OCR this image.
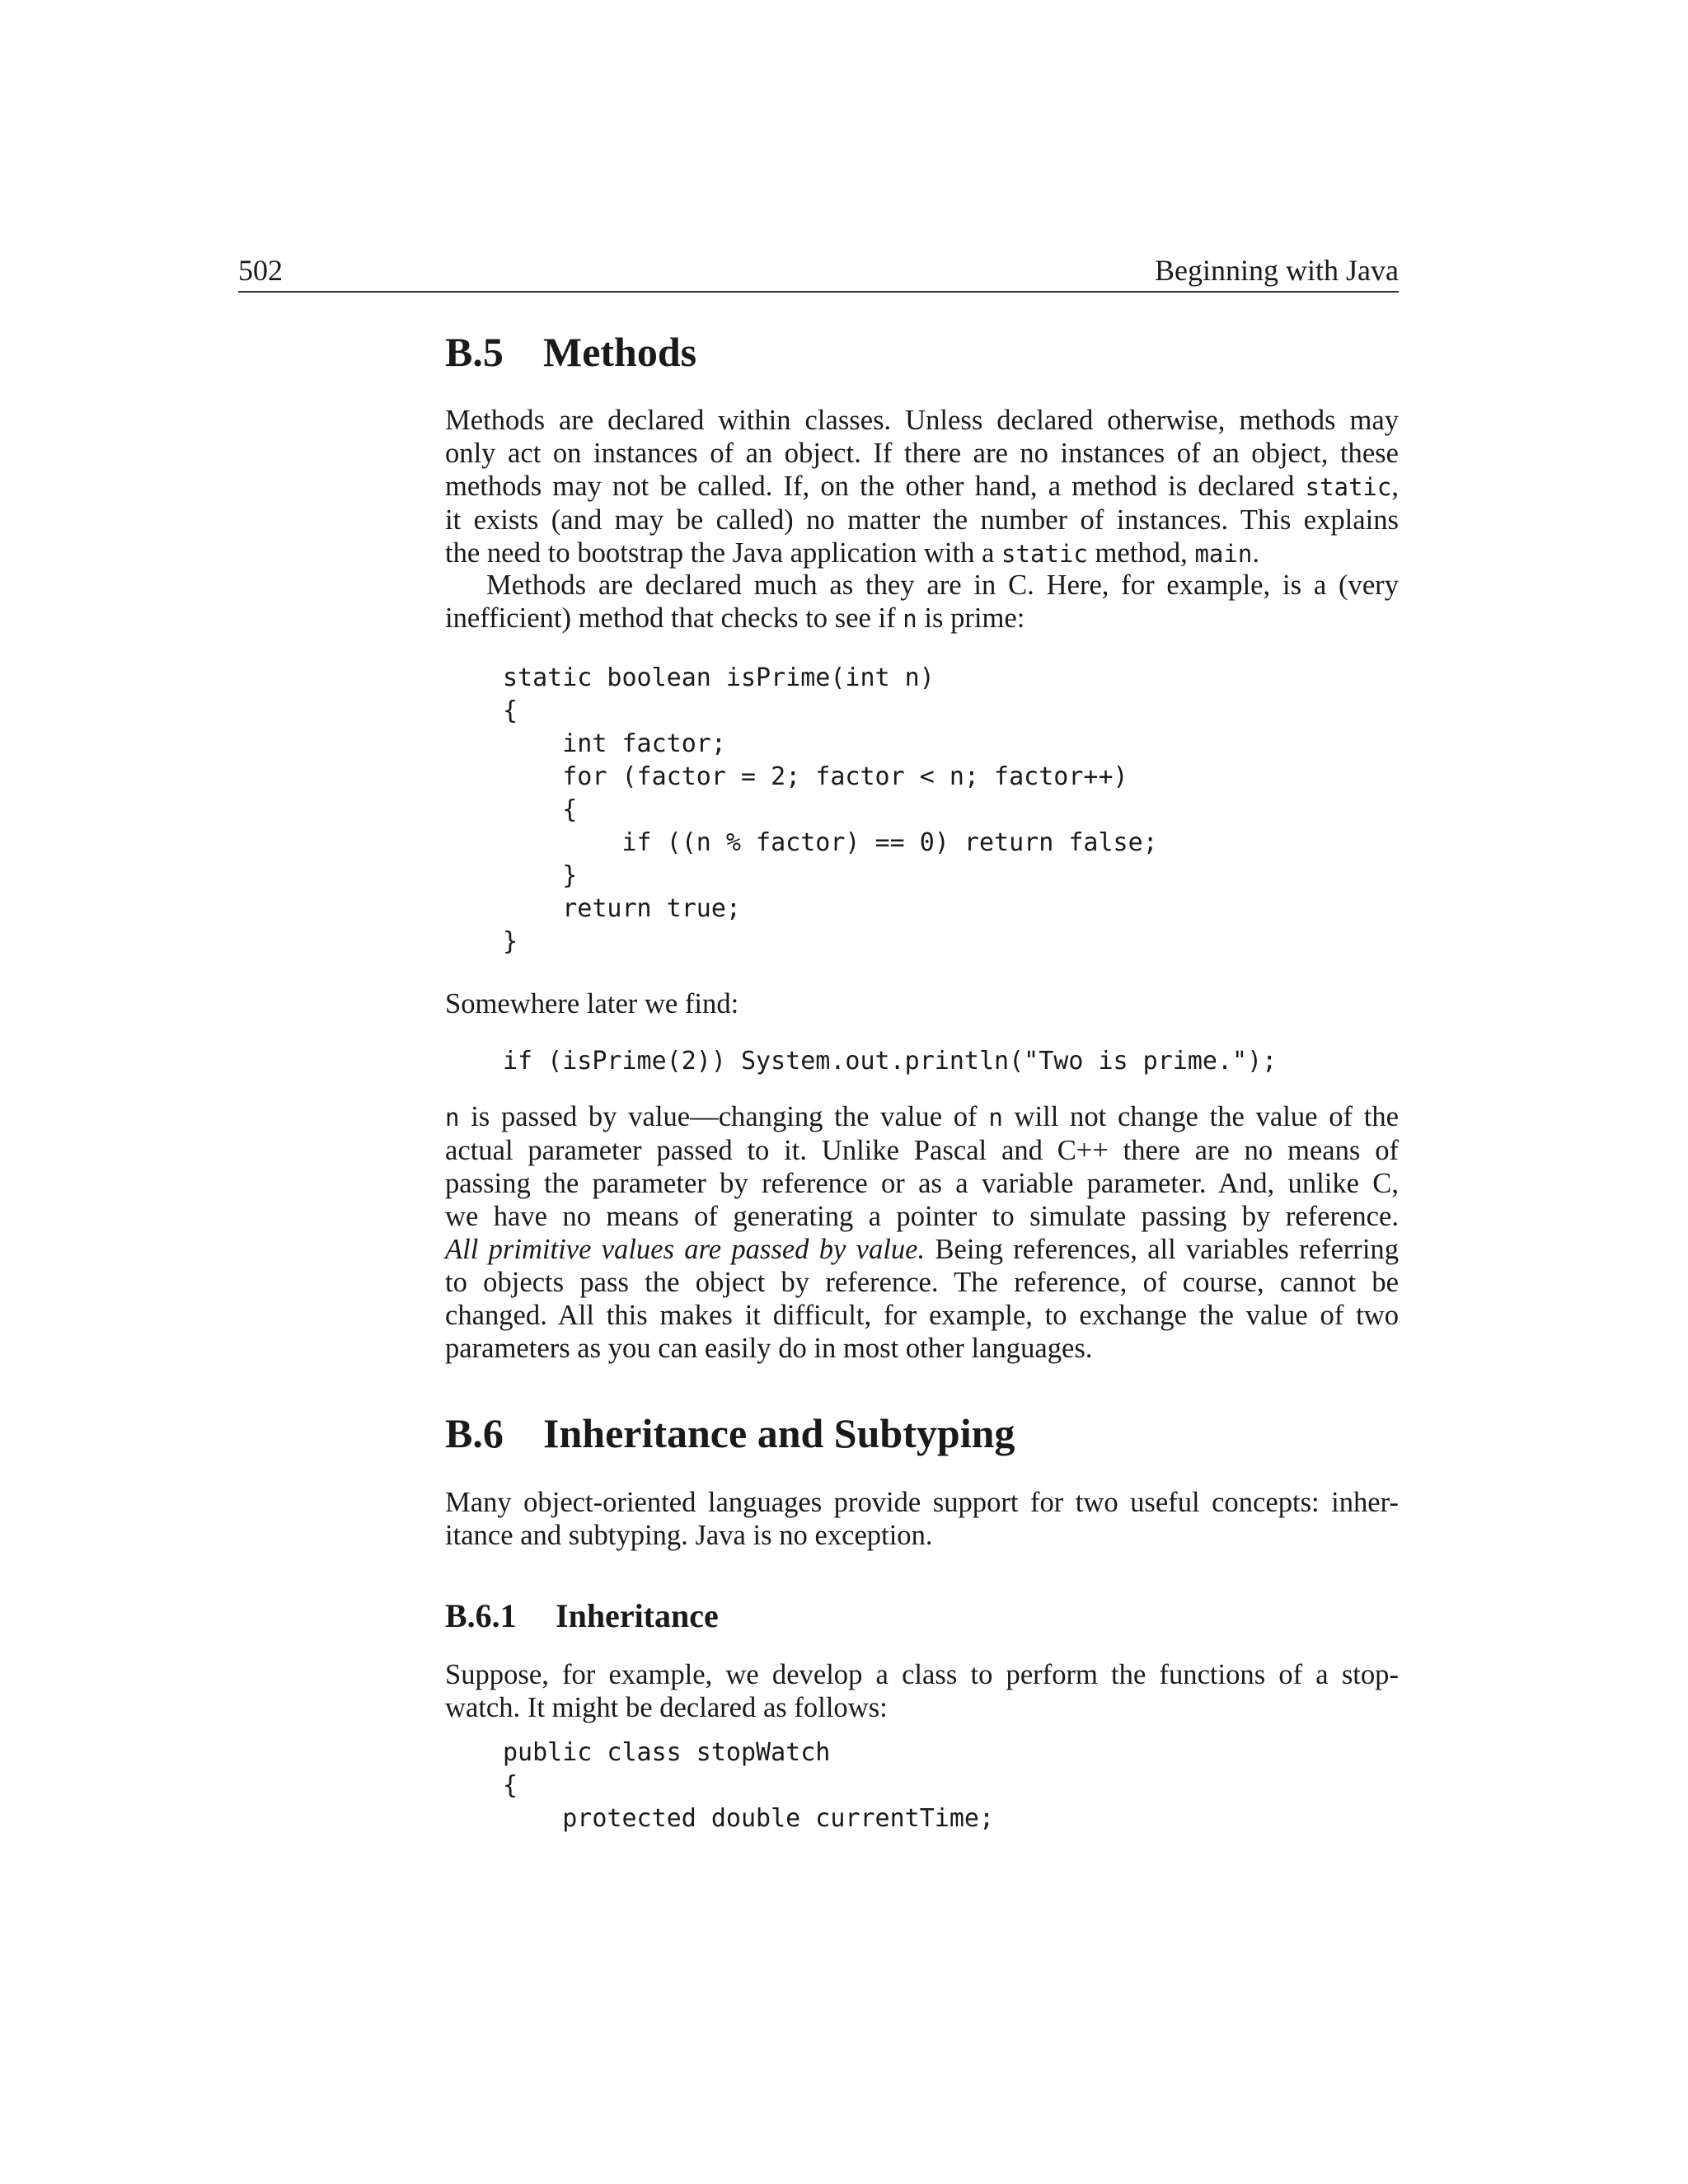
502	Beginning with Java
B.5 Methods
Methods are declared within classes. Unless declared otherwise, methods may
only act on instances of an object. If there are no instances of an object, these
methods may not be called. If, on the other hand, a method is declared static,
it exists (and may be called) no matter the number of instances. This explains
the need to bootstrap the Java application with a static method, main.
Methods are declared much as they are in C. Here, for example, is a (very
inefficient) method that checks to see if n is prime:
static boolean isPrime(int n)
{
int factor;
for (factor = 2; factor < n; factor++)
{
if ((n % factor) == 0) return false;
}
return true;
}

Somewhere later we find:

if (isPrime(2)) System.out.println("Two is prime.");
n is passed by value—changing the value of n will not change the value of the
actual parameter passed to it. Unlike Pascal and C++ there are no means of
passing the parameter by reference or as a variable parameter. And, unlike C,
we have no means of generating a pointer to simulate passing by reference.
All primitive values are passed by value. Being references, all variables referring
to objects pass the object by reference. The reference, of course, cannot be
changed. All this makes it difficult, for example, to exchange the value of two
parameters as you can easily do in most other languages.
B.6 Inheritance and Subtyping
Many object-oriented languages provide support for two useful concepts: inher-
itance and subtyping. Java is no exception.
B.6.1 Inheritance
Suppose, for example, we develop a class to perform the functions of a stop-
watch. It might be declared as follows:
public class stopWatch
{
protected double currentTime;
